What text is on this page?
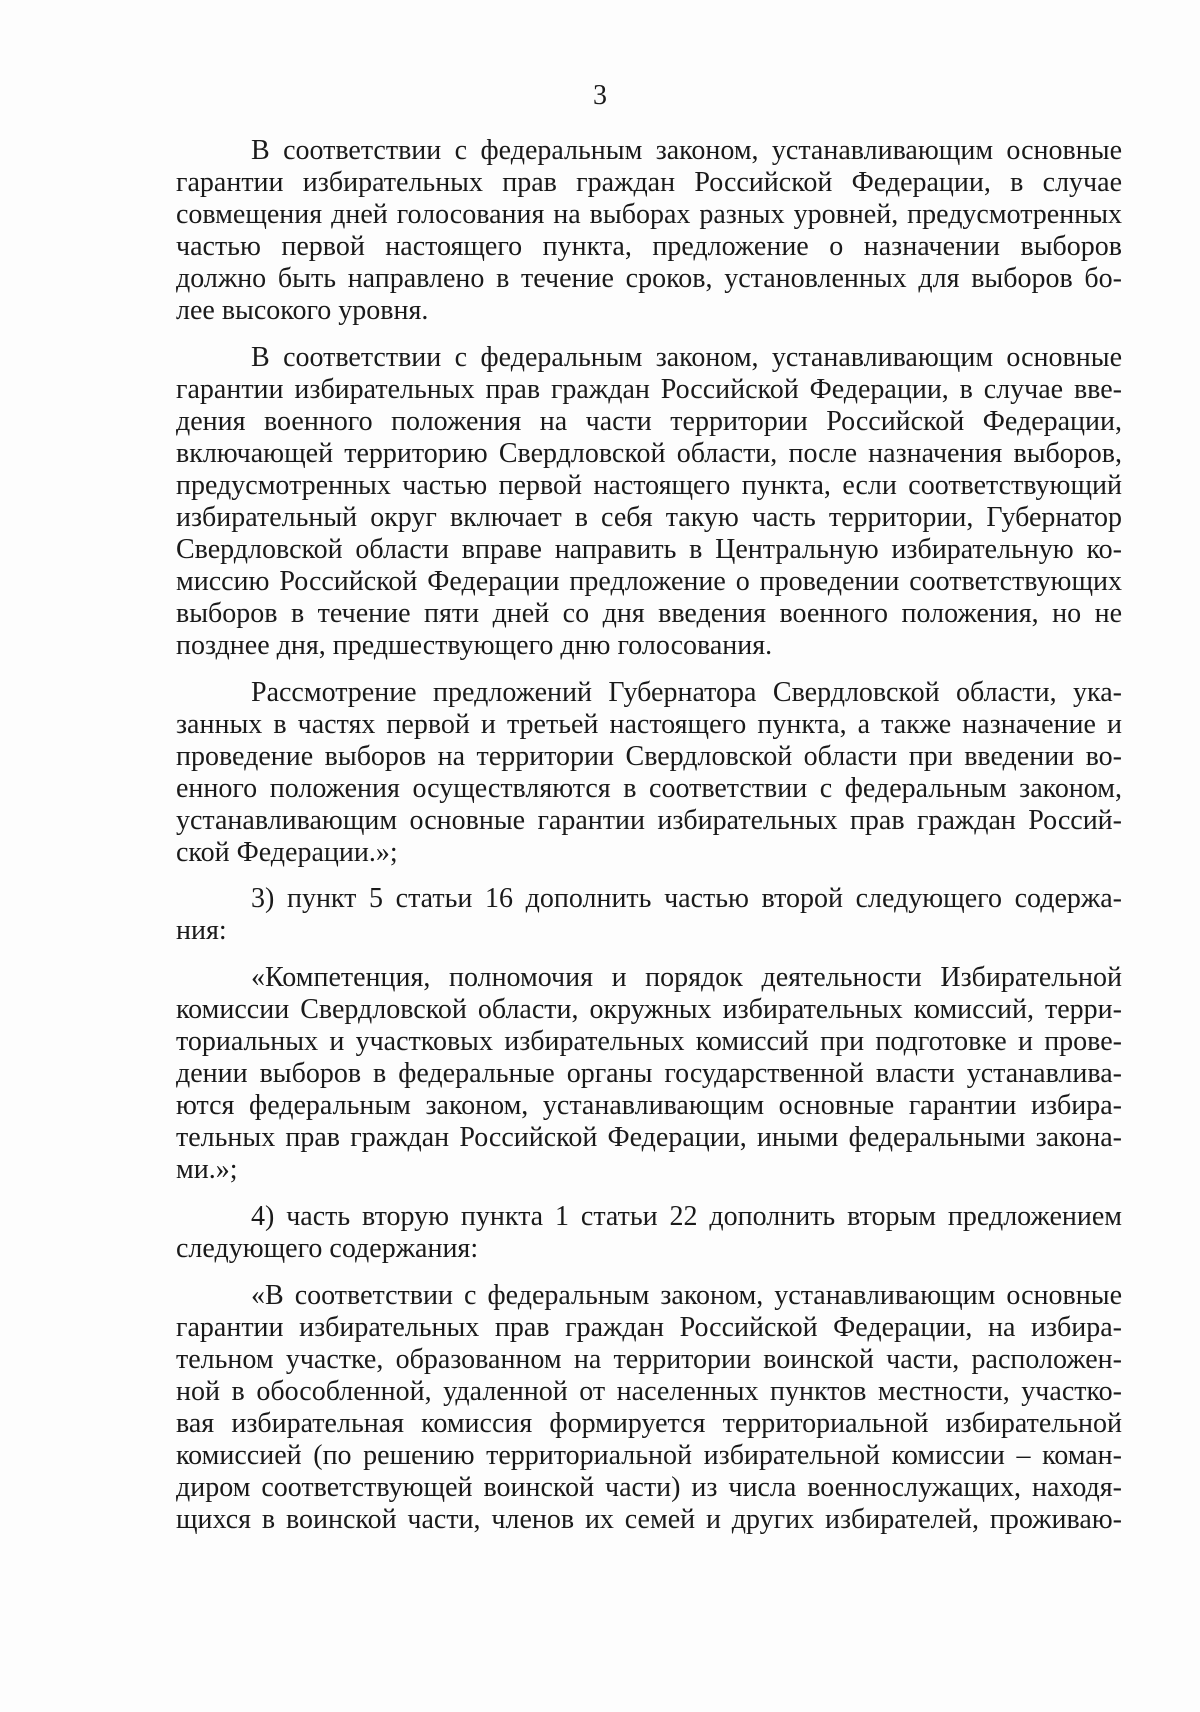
3
В соответствии с федеральным законом, устанавливающим основные
гарантии избирательных прав граждан Российской Федерации, в случае
совмещения дней голосования на выборах разных уровней, предусмотренных
частью первой настоящего пункта, предложение о назначении выборов
должно быть направлено в течение сроков, установленных для выборов бо-
лее высокого уровня.
В соответствии с федеральным законом, устанавливающим основные
гарантии избирательных прав граждан Российской Федерации, в случае вве-
дения военного положения на части территории Российской Федерации,
включающей территорию Свердловской области, после назначения выборов,
предусмотренных частью первой настоящего пункта, если соответствующий
избирательный округ включает в себя такую часть территории, Губернатор
Свердловской области вправе направить в Центральную избирательную ко-
миссию Российской Федерации предложение о проведении соответствующих
выборов в течение пяти дней со дня введения военного положения, но не
позднее дня, предшествующего дню голосования.
Рассмотрение предложений Губернатора Свердловской области, ука-
занных в частях первой и третьей настоящего пункта, а также назначение и
проведение выборов на территории Свердловской области при введении во-
енного положения осуществляются в соответствии с федеральным законом,
устанавливающим основные гарантии избирательных прав граждан Россий-
ской Федерации.»;
3) пункт 5 статьи 16 дополнить частью второй следующего содержа-
ния:
«Компетенция, полномочия и порядок деятельности Избирательной
комиссии Свердловской области, окружных избирательных комиссий, терри-
ториальных и участковых избирательных комиссий при подготовке и прове-
дении выборов в федеральные органы государственной власти устанавлива-
ются федеральным законом, устанавливающим основные гарантии избира-
тельных прав граждан Российской Федерации, иными федеральными закона-
ми.»;
4) часть вторую пункта 1 статьи 22 дополнить вторым предложением
следующего содержания:
«В соответствии с федеральным законом, устанавливающим основные
гарантии избирательных прав граждан Российской Федерации, на избира-
тельном участке, образованном на территории воинской части, расположен-
ной в обособленной, удаленной от населенных пунктов местности, участко-
вая избирательная комиссия формируется территориальной избирательной
комиссией (по решению территориальной избирательной комиссии – коман-
диром соответствующей воинской части) из числа военнослужащих, находя-
щихся в воинской части, членов их семей и других избирателей, проживаю-
